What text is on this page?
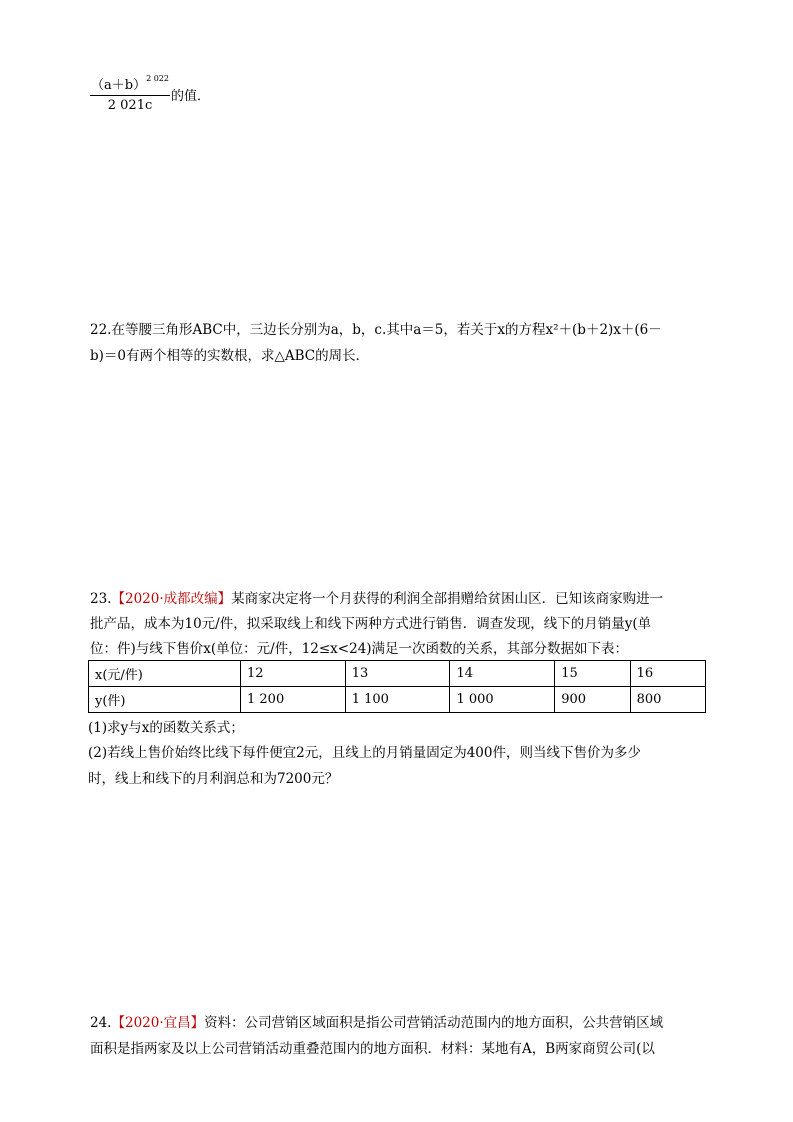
$(a+b)^{2 022}$
2 021c
的值．
22.在等腰三角形ABC中，三边长分别为a，b，c.其中a＝5，若关于x的方程x²＋(b＋2)x＋(6－
b)＝0有两个相等的实数根，求△ABC的周长．
23.【2020·成都改编】某商家决定将一个月获得的利润全部捐赠给贫困山区．已知该商家购进一
批产品，成本为10元/件，拟采取线上和线下两种方式进行销售．调查发现，线下的月销量y(单
位：件)与线下售价x(单位：元/件，12≤x<24)满足一次函数的关系，其部分数据如下表：
x(元/件)	12	13	14	15	16
y(件)	1 200	1 100	1 000	900	800
(1)求y与x的函数关系式；
(2)若线上售价始终比线下每件便宜2元，且线上的月销量固定为400件，则当线下售价为多少
时，线上和线下的月利润总和为7200元？
24.【2020·宜昌】资料：公司营销区域面积是指公司营销活动范围内的地方面积，公共营销区域
面积是指两家及以上公司营销活动重叠范围内的地方面积．材料：某地有A，B两家商贸公司(以
